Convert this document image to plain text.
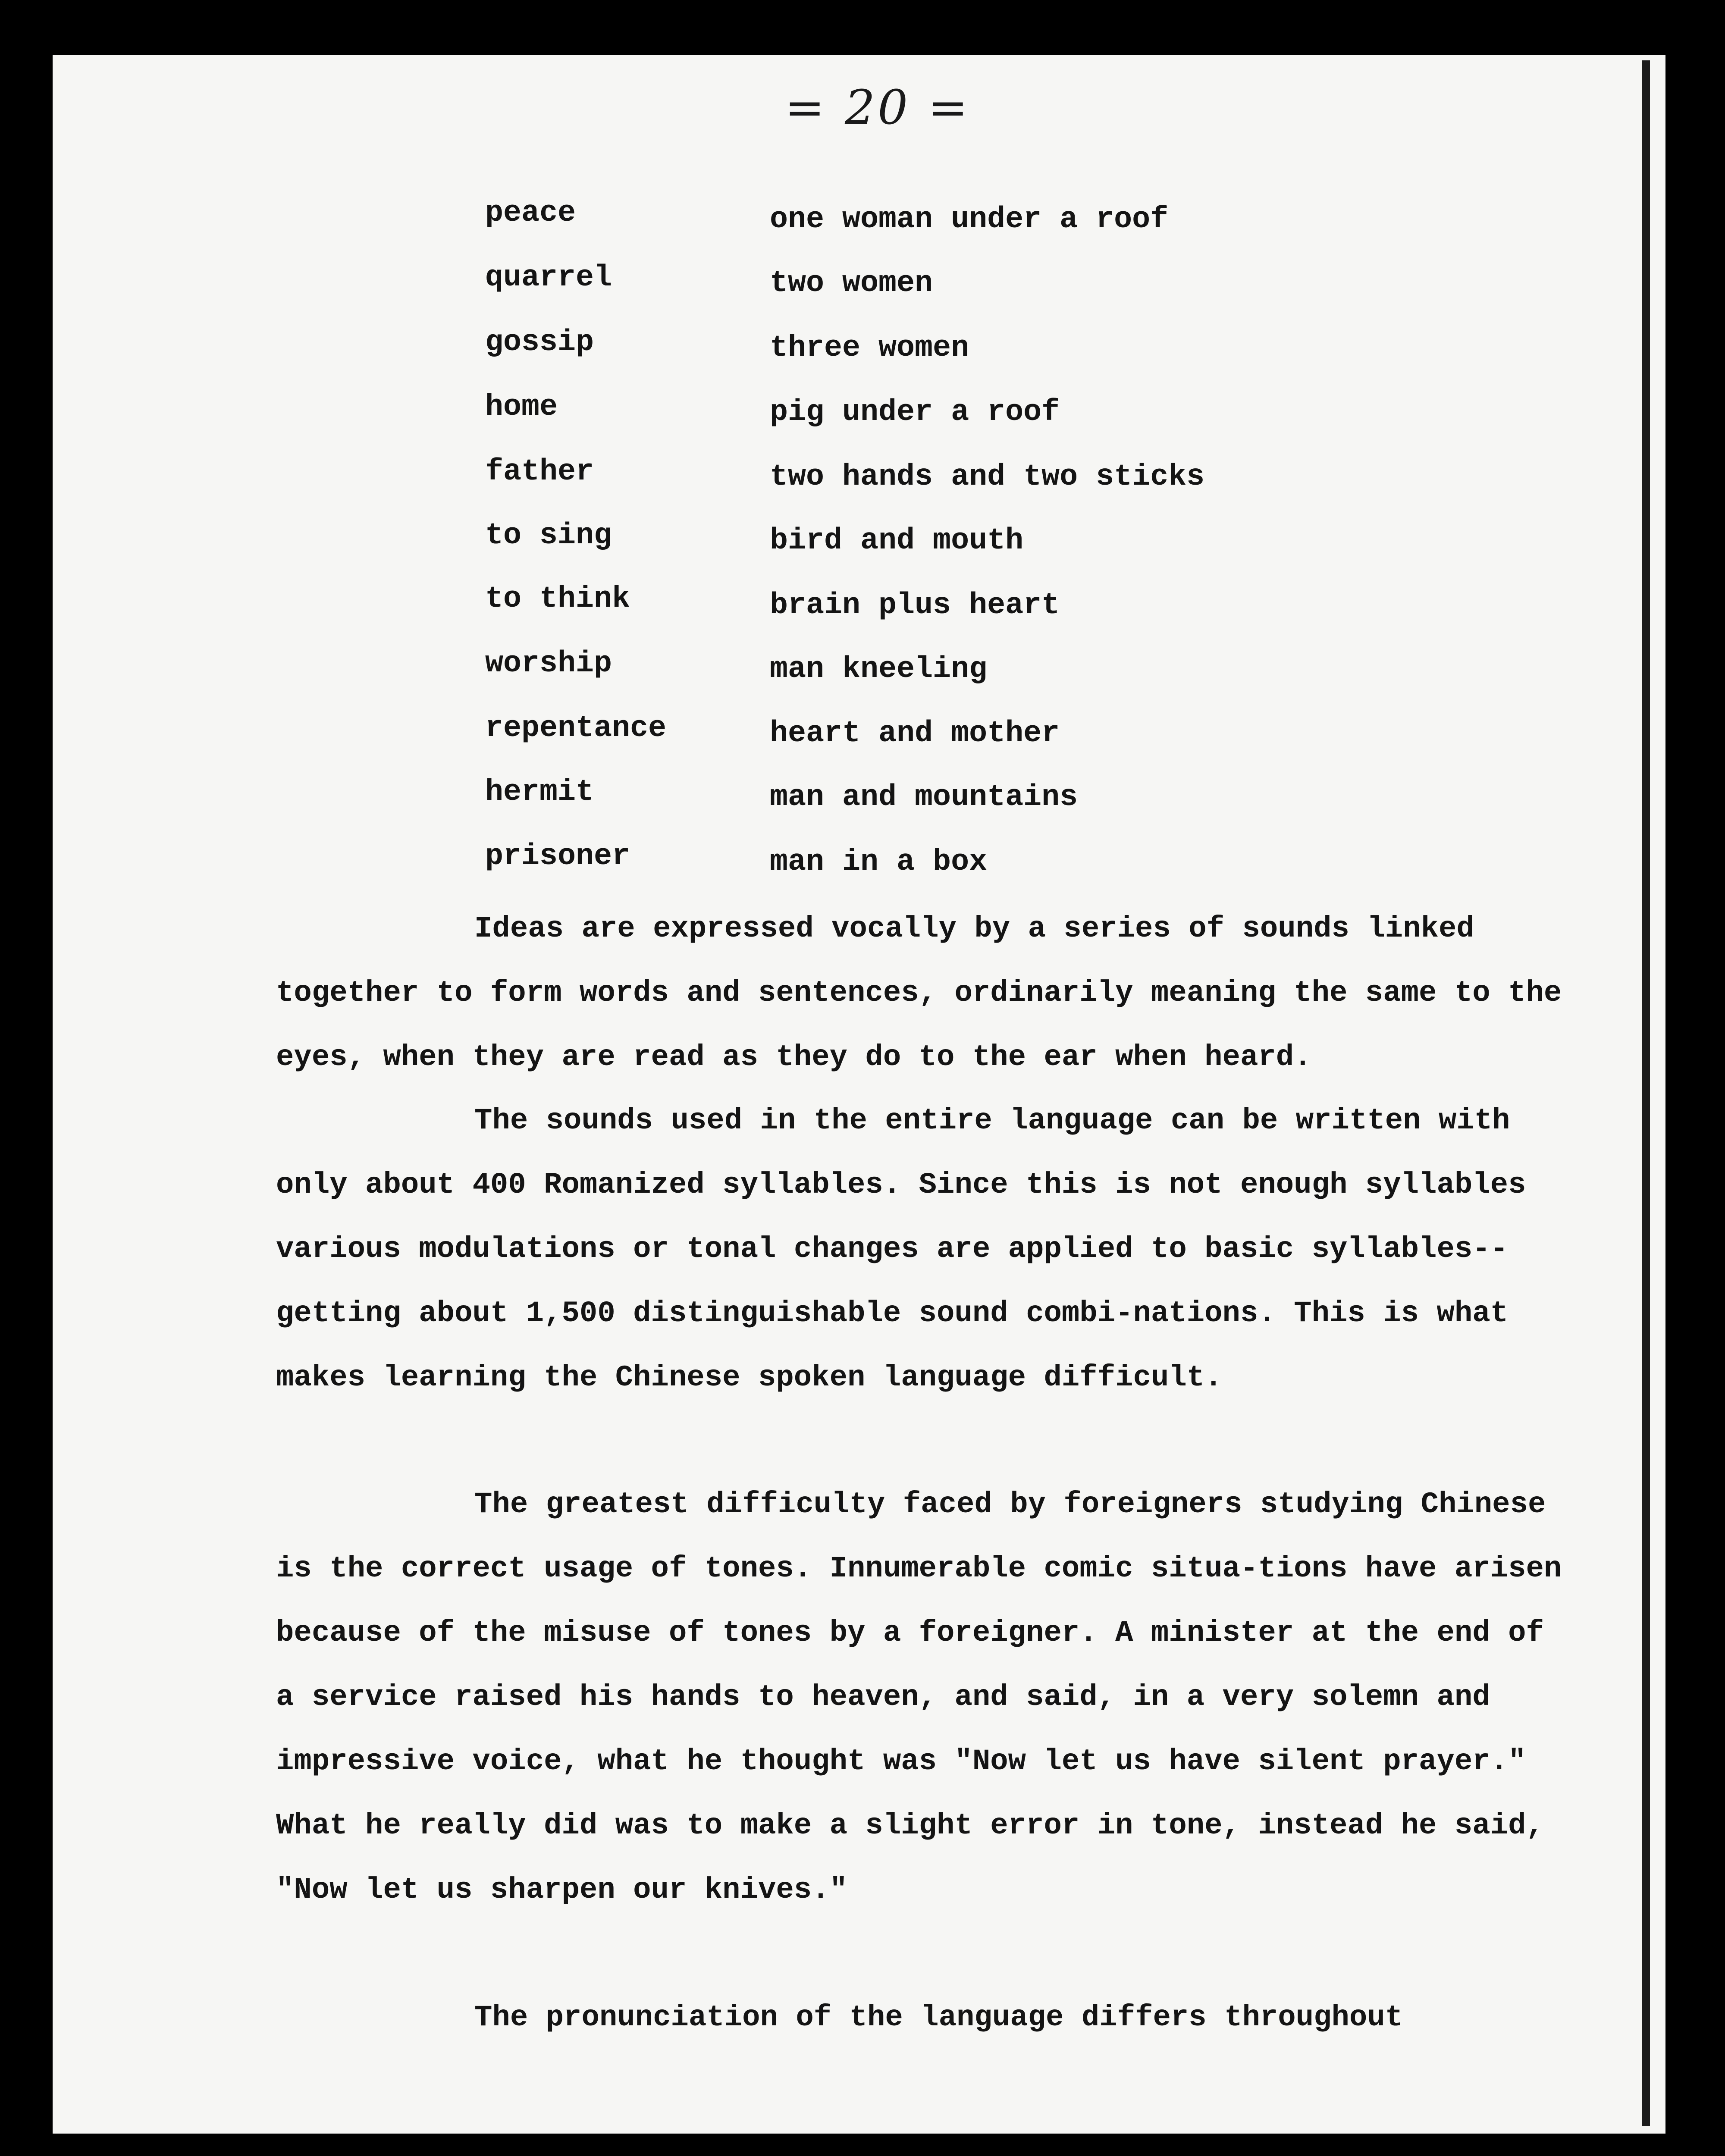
= 20 =
peace	one woman under a roof
quarrel	two women
gossip	three women
home	pig under a roof
father	two hands and two sticks
to sing	bird and mouth
to think	brain plus heart
worship	man kneeling
repentance	heart and mother
hermit	man and mountains
prisoner	man in a box
Ideas are expressed vocally by a series of sounds linked together to form words and sentences, ordinarily meaning the same to the eyes, when they are read as they do to the ear when heard.
The sounds used in the entire language can be written with only about 400 Romanized syllables. Since this is not enough syllables various modulations or tonal changes are applied to basic syllables--getting about 1,500 distinguishable sound combi-nations. This is what makes learning the Chinese spoken language difficult.
The greatest difficulty faced by foreigners studying Chinese is the correct usage of tones. Innumerable comic situa-tions have arisen because of the misuse of tones by a foreigner. A minister at the end of a service raised his hands to heaven, and said, in a very solemn and impressive voice, what he thought was "Now let us have silent prayer." What he really did was to make a slight error in tone, instead he said, "Now let us sharpen our knives."
The pronunciation of the language differs throughout
